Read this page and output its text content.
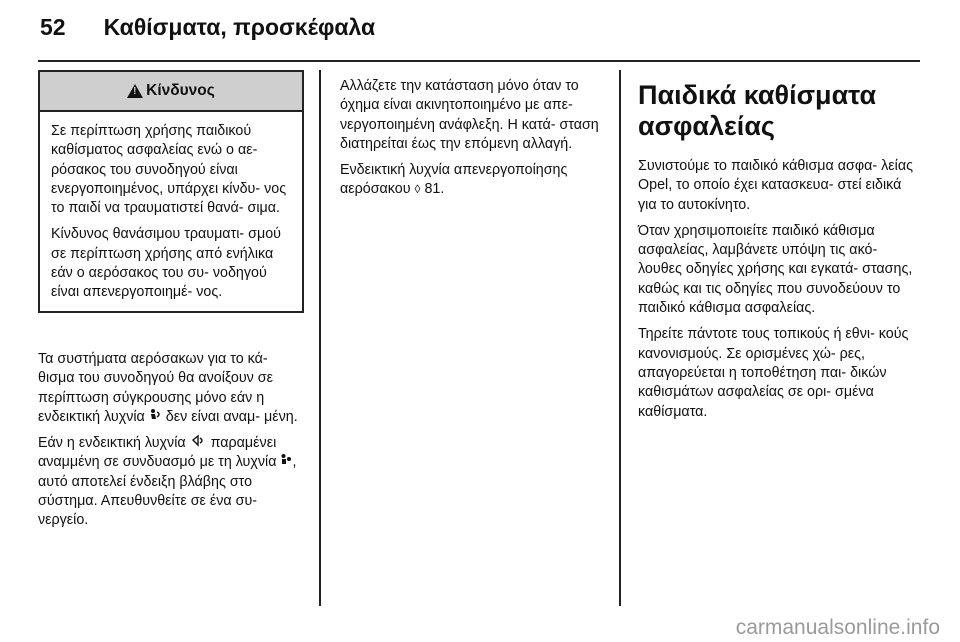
52 Καθίσματα, προσκέφαλα
!
Κίνδυνος

Σε περίπτωση χρήσης παιδικού καθίσματος ασφαλείας ενώ ο αε- ρόσακος του συνοδηγού είναι ενεργοποιημένος, υπάρχει κίνδυ- νος το παιδί να τραυματιστεί θανά- σιμα.

Κίνδυνος θανάσιμου τραυματι- σμού σε περίπτωση χρήσης από ενήλικα εάν ο αερόσακος του συ- νοδηγού είναι απενεργοποιημέ- νος.

Τα συστήματα αερόσακων για το κά- θισμα του συνοδηγού θα ανοίξουν σε περίπτωση σύγκρουσης μόνο εάν η ενδεικτική λυχνία δεν είναι αναμ- μένη.

Εάν η ενδεικτική λυχνία παραμένει αναμμένη σε συνδυασμό με τη λυχνία , αυτό αποτελεί ένδειξη βλάβης στο σύστημα. Απευθυνθείτε σε ένα συ- νεργείο.

Αλλάζετε την κατάσταση μόνο όταν το όχημα είναι ακινητοποιημένο με απε- νεργοποιημένη ανάφλεξη. Η κατά- σταση διατηρείται έως την επόμενη αλλαγή.

Ενδεικτική λυχνία απενεργοποίησης αερόσακου ◊ 81.

Παιδικά καθίσματα ασφαλείας

Συνιστούμε το παιδικό κάθισμα ασφα- λείας Opel, το οποίο έχει κατασκευα- στεί ειδικά για το αυτοκίνητο.

Όταν χρησιμοποιείτε παιδικό κάθισμα ασφαλείας, λαμβάνετε υπόψη τις ακό- λουθες οδηγίες χρήσης και εγκατά- στασης, καθώς και τις οδηγίες που συνοδεύουν το παιδικό κάθισμα ασφαλείας.

Τηρείτε πάντοτε τους τοπικούς ή εθνι- κούς κανονισμούς. Σε ορισμένες χώ- ρες, απαγορεύεται η τοποθέτηση παι- δικών καθισμάτων ασφαλείας σε ορι- σμένα καθίσματα.

carmanualsonline.info
